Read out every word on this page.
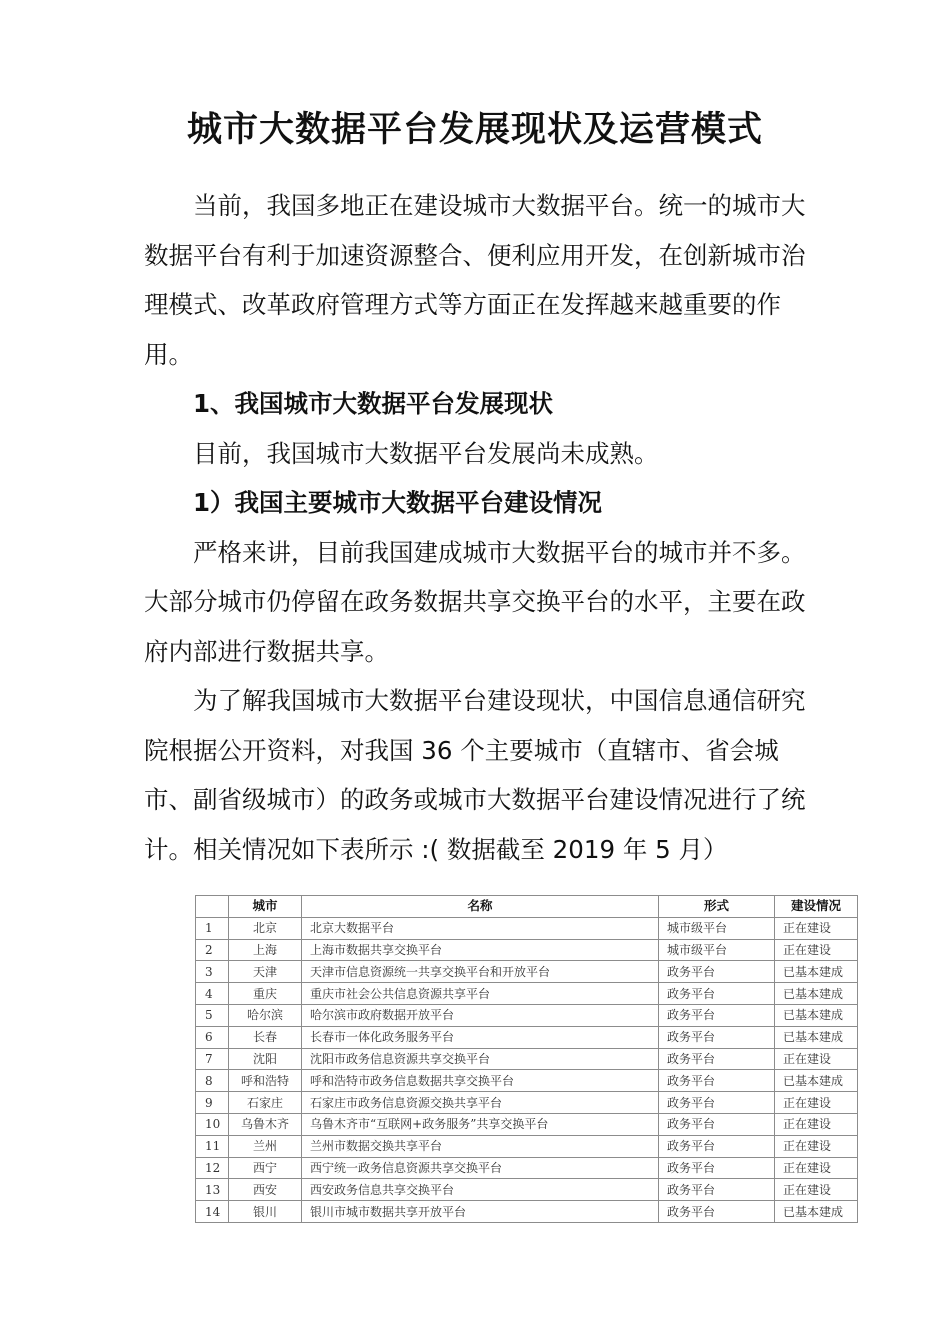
城市大数据平台发展现状及运营模式

当前，我国多地正在建设城市大数据平台。统一的城市大数据平台有利于加速资源整合、便利应用开发，在创新城市治理模式、改革政府管理方式等方面正在发挥越来越重要的作用。

1、我国城市大数据平台发展现状

目前，我国城市大数据平台发展尚未成熟。

1）我国主要城市大数据平台建设情况

严格来讲，目前我国建成城市大数据平台的城市并不多。大部分城市仍停留在政务数据共享交换平台的水平，主要在政府内部进行数据共享。

为了解我国城市大数据平台建设现状，中国信息通信研究院根据公开资料，对我国 36 个主要城市（直辖市、省会城市、副省级城市）的政务或城市大数据平台建设情况进行了统计。相关情况如下表所示 :( 数据截至 2019 年 5 月）

	城市	名称	形式	建设情况
1	北京	北京大数据平台	城市级平台	正在建设
2	上海	上海市数据共享交换平台	城市级平台	正在建设
3	天津	天津市信息资源统一共享交换平台和开放平台	政务平台	已基本建成
4	重庆	重庆市社会公共信息资源共享平台	政务平台	已基本建成
5	哈尔滨	哈尔滨市政府数据开放平台	政务平台	已基本建成
6	长春	长春市一体化政务服务平台	政务平台	已基本建成
7	沈阳	沈阳市政务信息资源共享交换平台	政务平台	正在建设
8	呼和浩特	呼和浩特市政务信息数据共享交换平台	政务平台	已基本建成
9	石家庄	石家庄市政务信息资源交换共享平台	政务平台	正在建设
10	乌鲁木齐	乌鲁木齐市“互联网+政务服务”共享交换平台	政务平台	正在建设
11	兰州	兰州市数据交换共享平台	政务平台	正在建设
12	西宁	西宁统一政务信息资源共享交换平台	政务平台	正在建设
13	西安	西安政务信息共享交换平台	政务平台	正在建设
14	银川	银川市城市数据共享开放平台	政务平台	已基本建成
